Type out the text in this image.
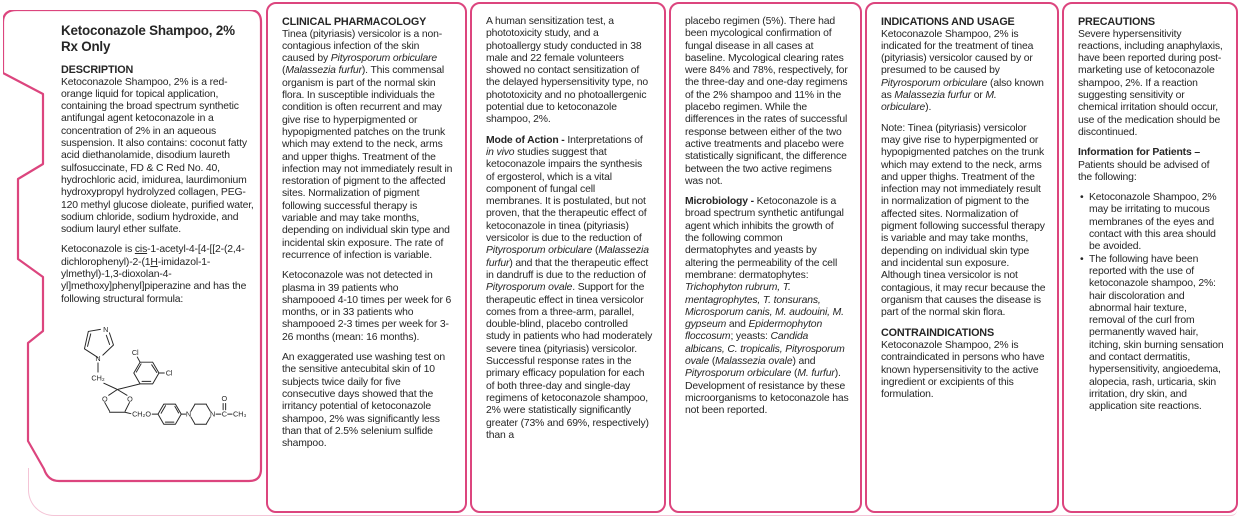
Ketoconazole Shampoo, 2%
Rx Only
DESCRIPTION

Ketoconazole Shampoo, 2% is a red-orange liquid for topical application, containing the broad spectrum synthetic antifungal agent ketoconazole in a concentration of 2% in an aqueous suspension. It also contains: coconut fatty acid diethanolamide, disodium laureth sulfosuccinate, FD & C Red No. 40, hydrochloric acid, imidurea, laurdimonium hydroxypropyl hydrolyzed collagen, PEG-120 methyl glucose dioleate, purified water, sodium chloride, sodium hydroxide, and sodium lauryl ether sulfate.

Ketoconazole is cis-1-acetyl-4-[4-[[2-(2,4-dichlorophenyl)-2-(1H-imidazol-1-ylmethyl)-1,3-dioxolan-4-yl]methoxy]phenyl]piperazine and has the following structural formula:

N
N
CH₂
O	O
CH₂O
Cl
Cl
N	N C
O
CH₃
CLINICAL PHARMACOLOGY

Tinea (pityriasis) versicolor is a non-contagious infection of the skin caused by Pityrosporum orbiculare (Malassezia furfur). This commensal organism is part of the normal skin flora. In susceptible individuals the condition is often recurrent and may give rise to hyperpigmented or hypopigmented patches on the trunk which may extend to the neck, arms and upper thighs. Treatment of the infection may not immediately result in restoration of pigment to the affected sites. Normalization of pigment following successful therapy is variable and may take months, depending on individual skin type and incidental skin exposure. The rate of recurrence of infection is variable.

Ketoconazole was not detected in plasma in 39 patients who shampooed 4-10 times per week for 6 months, or in 33 patients who shampooed 2-3 times per week for 3-26 months (mean: 16 months).

An exaggerated use washing test on the sensitive antecubital skin of 10 subjects twice daily for five consecutive days showed that the irritancy potential of ketoconazole shampoo, 2% was significantly less than that of 2.5% selenium sulfide shampoo.

A human sensitization test, a phototoxicity study, and a photoallergy study conducted in 38 male and 22 female volunteers showed no contact sensitization of the delayed hypersensitivity type, no phototoxicity and no photoallergenic potential due to ketoconazole shampoo, 2%.

Mode of Action - Interpretations of in vivo studies suggest that ketoconazole impairs the synthesis of ergosterol, which is a vital component of fungal cell membranes. It is postulated, but not proven, that the therapeutic effect of ketoconazole in tinea (pityriasis) versicolor is due to the reduction of Pityrosporum orbiculare (Malassezia furfur) and that the therapeutic effect in dandruff is due to the reduction of Pityrosporum ovale. Support for the therapeutic effect in tinea versicolor comes from a three-arm, parallel, double-blind, placebo controlled study in patients who had moderately severe tinea (pityriasis) versicolor. Successful response rates in the primary efficacy population for each of both three-day and single-day regimens of ketoconazole shampoo, 2% were statistically significantly greater (73% and 69%, respectively) than a

placebo regimen (5%). There had been mycological confirmation of fungal disease in all cases at baseline. Mycological clearing rates were 84% and 78%, respectively, for the three-day and one-day regimens of the 2% shampoo and 11% in the placebo regimen. While the differences in the rates of successful response between either of the two active treatments and placebo were statistically significant, the difference between the two active regimens was not.

Microbiology - Ketoconazole is a broad spectrum synthetic antifungal agent which inhibits the growth of the following common dermatophytes and yeasts by altering the permeability of the cell membrane: dermatophytes: Trichophyton rubrum, T. mentagrophytes, T. tonsurans, Microsporum canis, M. audouini, M. gypseum and Epidermophyton floccosum; yeasts: Candida albicans, C. tropicalis, Pityrosporum ovale (Malassezia ovale) and Pityrosporum orbiculare (M. furfur). Development of resistance by these microorganisms to ketoconazole has not been reported.

INDICATIONS AND USAGE

Ketoconazole Shampoo, 2% is indicated for the treatment of tinea (pityriasis) versicolor caused by or presumed to be caused by Pityrosporum orbiculare (also known as Malassezia furfur or M. orbiculare).

Note: Tinea (pityriasis) versicolor may give rise to hyperpigmented or hypopigmented patches on the trunk which may extend to the neck, arms and upper thighs. Treatment of the infection may not immediately result in normalization of pigment to the affected sites. Normalization of pigment following successful therapy is variable and may take months, depending on individual skin type and incidental sun exposure. Although tinea versicolor is not contagious, it may recur because the organism that causes the disease is part of the normal skin flora.

CONTRAINDICATIONS

Ketoconazole Shampoo, 2% is contraindicated in persons who have known hypersensitivity to the active ingredient or excipients of this formulation.

PRECAUTIONS

Severe hypersensitivity reactions, including anaphylaxis, have been reported during post-marketing use of ketoconazole shampoo, 2%. If a reaction suggesting sensitivity or chemical irritation should occur, use of the medication should be discontinued.

Information for Patients – Patients should be advised of the following:

• Ketoconazole Shampoo, 2% may be irritating to mucous membranes of the eyes and contact with this area should be avoided.
• The following have been reported with the use of ketoconazole shampoo, 2%: hair discoloration and abnormal hair texture, removal of the curl from permanently waved hair, itching, skin burning sensation and contact dermatitis, hypersensitivity, angioedema, alopecia, rash, urticaria, skin irritation, dry skin, and application site reactions.
